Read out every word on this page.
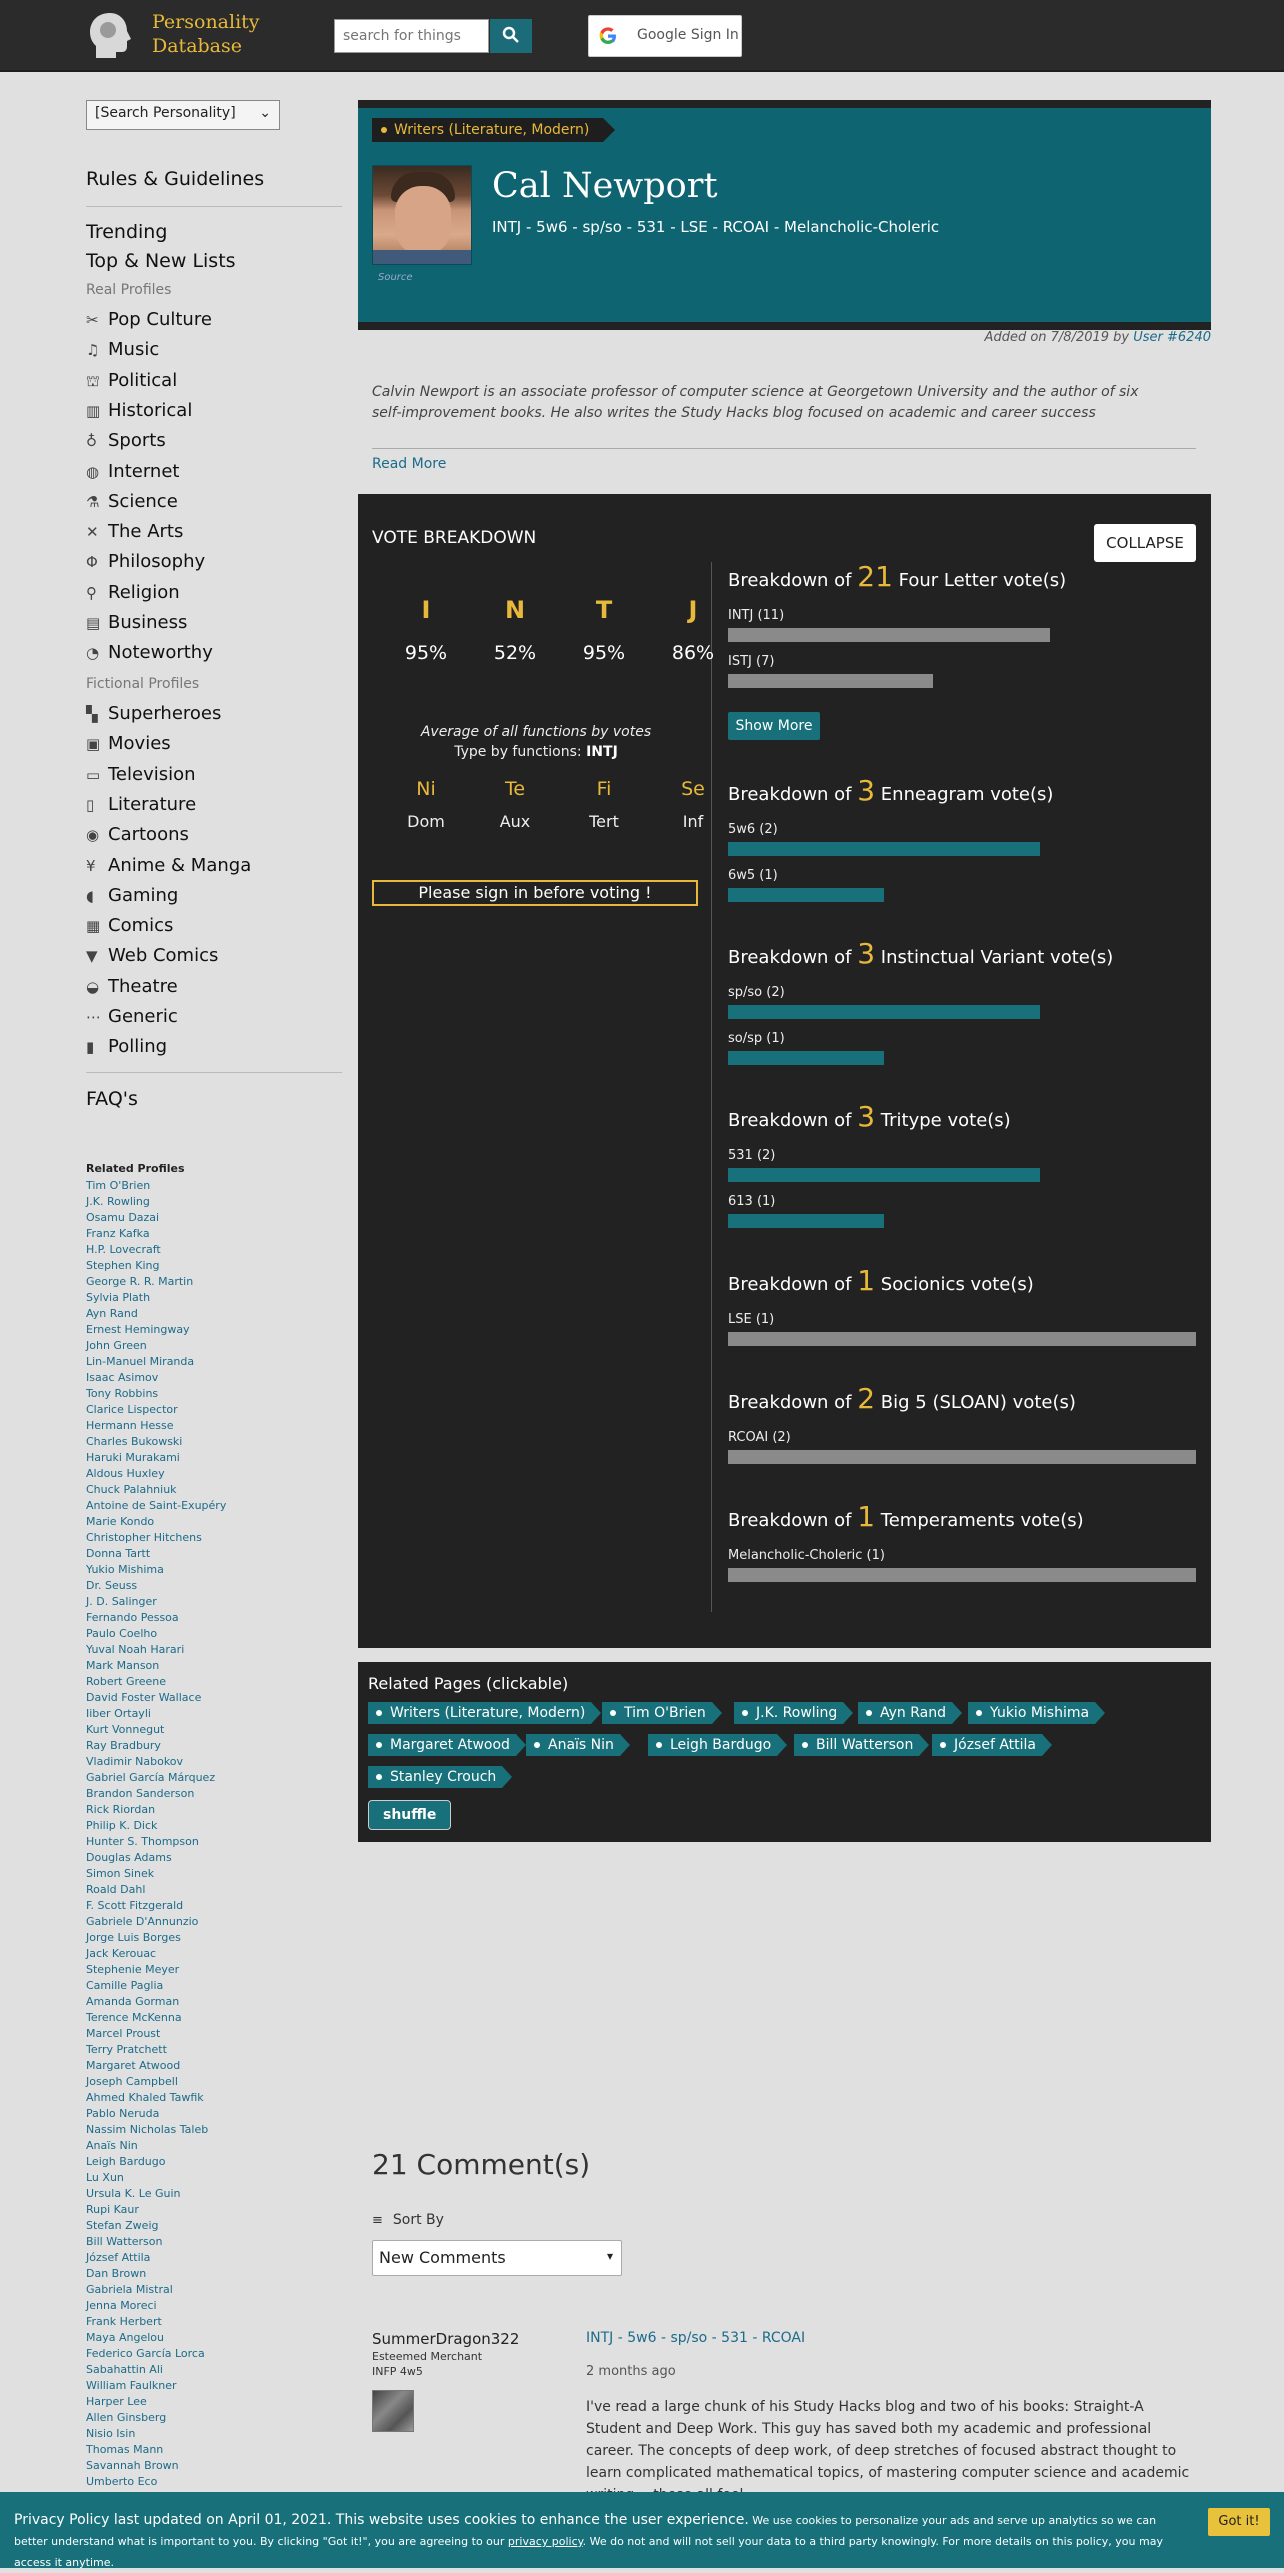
Personality
Database
search for things	Google Sign In
[Search Personality] ⌄
Rules & Guidelines
Trending
Top & New Lists
Real Profiles
✂ Pop Culture
♫ Music
⛫ Political
▥ Historical
♁ Sports
◍ Internet
⚗ Science
✕ The Arts
Φ Philosophy
⚲ Religion
▤ Business
◔ Noteworthy
Fictional Profiles
▚ Superheroes
▣ Movies
▭ Television
▯ Literature
◉ Cartoons
¥ Anime & Manga
◖ Gaming
▦ Comics
▼ Web Comics
◒ Theatre
⋯ Generic
▮ Polling
FAQ's
Related Profiles
Tim O'Brien
J.K. Rowling
Osamu Dazai
Franz Kafka
H.P. Lovecraft
Stephen King
George R. R. Martin
Sylvia Plath
Ayn Rand
Ernest Hemingway
John Green
Lin-Manuel Miranda
Isaac Asimov
Tony Robbins
Clarice Lispector
Hermann Hesse
Charles Bukowski
Haruki Murakami
Aldous Huxley
Chuck Palahniuk
Antoine de Saint-Exupéry
Marie Kondo
Christopher Hitchens
Donna Tartt
Yukio Mishima
Dr. Seuss
J. D. Salinger
Fernando Pessoa
Paulo Coelho
Yuval Noah Harari
Mark Manson
Robert Greene
David Foster Wallace
Iiber Ortayli
Kurt Vonnegut
Ray Bradbury
Vladimir Nabokov
Gabriel García Márquez
Brandon Sanderson
Rick Riordan
Philip K. Dick
Hunter S. Thompson
Douglas Adams
Simon Sinek
Roald Dahl
F. Scott Fitzgerald
Gabriele D'Annunzio
Jorge Luis Borges
Jack Kerouac
Stephenie Meyer
Camille Paglia
Amanda Gorman
Terence McKenna
Marcel Proust
Terry Pratchett
Margaret Atwood
Joseph Campbell
Ahmed Khaled Tawfik
Pablo Neruda
Nassim Nicholas Taleb
Anaïs Nin
Leigh Bardugo
Lu Xun
Ursula K. Le Guin
Rupi Kaur
Stefan Zweig
Bill Watterson
József Attila
Dan Brown
Gabriela Mistral
Jenna Moreci
Frank Herbert
Maya Angelou
Federico García Lorca
Sabahattin Ali
William Faulkner
Harper Lee
Allen Ginsberg
Nisio Isin
Thomas Mann
Savannah Brown
Umberto Eco
Writers (Literature, Modern)
Source
Cal Newport
INTJ - 5w6 - sp/so - 531 - LSE - RCOAI - Melancholic-Choleric
Added on 7/8/2019 by User #6240
Calvin Newport is an associate professor of computer science at Georgetown University and the author of six self-improvement books. He also writes the Study Hacks blog focused on academic and career success
Read More
VOTE BREAKDOWN	COLLAPSE
I	N	T	J
95%	52%	95%	86%
Average of all functions by votes
Type by functions: INTJ
Ni	Te	Fi	Se
Dom	Aux	Tert	Inf
Please sign in before voting !
Show More
Breakdown of 21 Four Letter vote(s)
INTJ (11)
ISTJ (7)
Breakdown of 3 Enneagram vote(s)
5w6 (2)
6w5 (1)
Breakdown of 3 Instinctual Variant vote(s)
sp/so (2)
so/sp (1)
Breakdown of 3 Tritype vote(s)
531 (2)
613 (1)
Breakdown of 1 Socionics vote(s)
LSE (1)
Breakdown of 2 Big 5 (SLOAN) vote(s)
RCOAI (2)
Breakdown of 1 Temperaments vote(s)
Melancholic-Choleric (1)
Related Pages (clickable)
Writers (Literature, Modern)	Tim O'Brien	J.K. Rowling	Ayn Rand	Yukio Mishima
Margaret Atwood	Anaïs Nin	Leigh Bardugo	Bill Watterson	József Attila
Stanley Crouch
shuffle
21 Comment(s)
≡ Sort By
New Comments	▾
SummerDragon322
Esteemed Merchant
INFP 4w5
INTJ - 5w6 - sp/so - 531 - RCOAI
2 months ago
I've read a large chunk of his Study Hacks blog and two of his books: Straight-A Student and Deep Work. This guy has saved both my academic and professional career. The concepts of deep work, of deep stretches of focused abstract thought to learn complicated mathematical topics, of mastering computer science and academic
Privacy Policy last updated on April 01, 2021. This website uses cookies to enhance the user experience. We use cookies to personalize your ads and serve up analytics so we can better understand what is important to you. By clicking "Got it!", you are agreeing to our privacy policy. We do not and will not sell your data to a third party knowingly. For more details on this policy, you may access it anytime.
Got it!
